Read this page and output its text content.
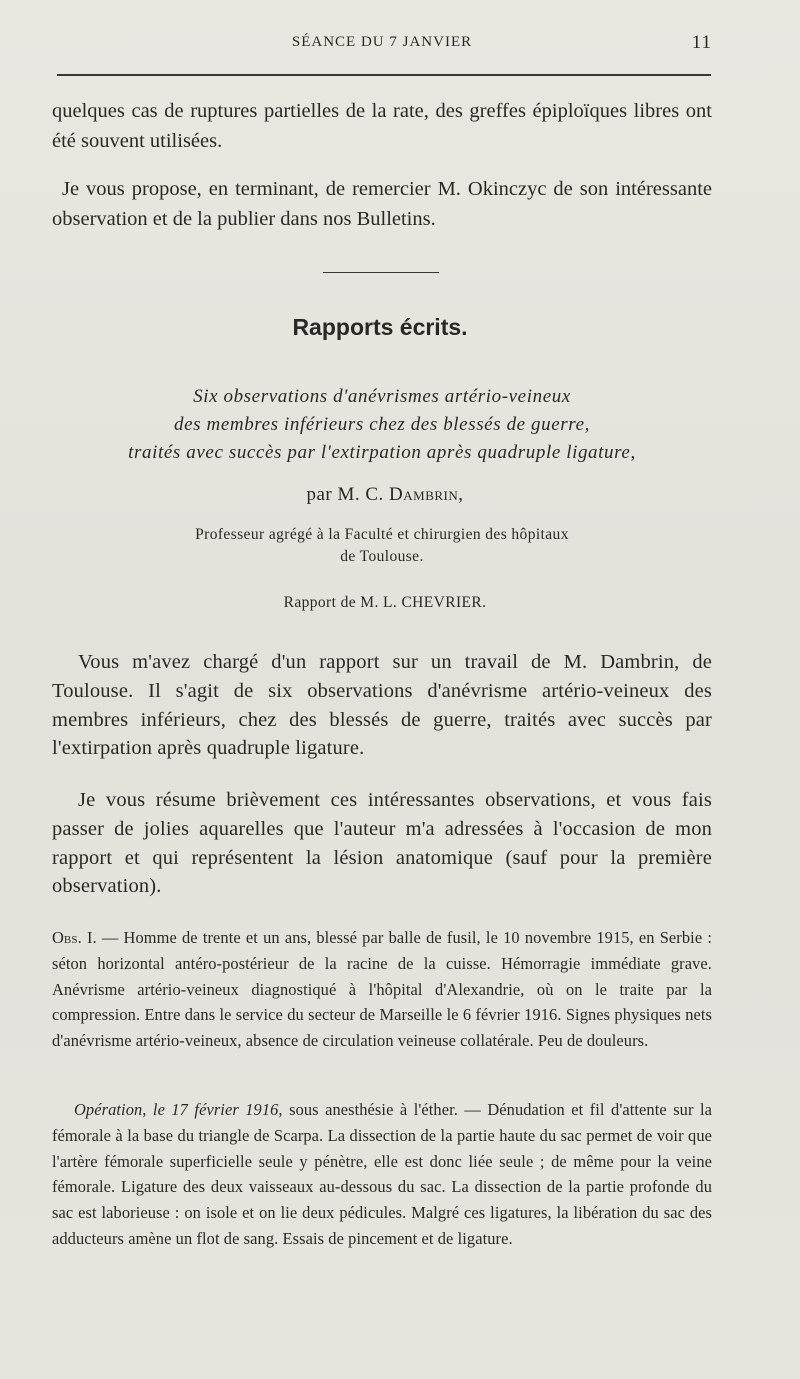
SÉANCE DU 7 JANVIER	11
quelques cas de ruptures partielles de la rate, des greffes épiploïques libres ont été souvent utilisées.
Je vous propose, en terminant, de remercier M. Okinczyc de son intéressante observation et de la publier dans nos Bulletins.
Rapports écrits.
Six observations d'anévrismes artério-veineux
des membres inférieurs chez des blessés de guerre,
traités avec succès par l'extirpation après quadruple ligature,
par M. C. Dambrin,
Professeur agrégé à la Faculté et chirurgien des hôpitaux
de Toulouse.
Rapport de M. L. CHEVRIER.
Vous m'avez chargé d'un rapport sur un travail de M. Dambrin, de Toulouse. Il s'agit de six observations d'anévrisme artério-veineux des membres inférieurs, chez des blessés de guerre, traités avec succès par l'extirpation après quadruple ligature.
Je vous résume brièvement ces intéressantes observations, et vous fais passer de jolies aquarelles que l'auteur m'a adressées à l'occasion de mon rapport et qui représentent la lésion anatomique (sauf pour la première observation).
Obs. I. — Homme de trente et un ans, blessé par balle de fusil, le 10 novembre 1915, en Serbie : séton horizontal antéro-postérieur de la racine de la cuisse. Hémorragie immédiate grave. Anévrisme artério-veineux diagnostiqué à l'hôpital d'Alexandrie, où on le traite par la compression. Entre dans le service du secteur de Marseille le 6 février 1916. Signes physiques nets d'anévrisme artério-veineux, absence de circulation veineuse collatérale. Peu de douleurs.
Opération, le 17 février 1916, sous anesthésie à l'éther. — Dénudation et fil d'attente sur la fémorale à la base du triangle de Scarpa. La dissection de la partie haute du sac permet de voir que l'artère fémorale superficielle seule y pénètre, elle est donc liée seule ; de même pour la veine fémorale. Ligature des deux vaisseaux au-dessous du sac. La dissection de la partie profonde du sac est laborieuse : on isole et on lie deux pédicules. Malgré ces ligatures, la libération du sac des adducteurs amène un flot de sang. Essais de pincement et de ligature.
